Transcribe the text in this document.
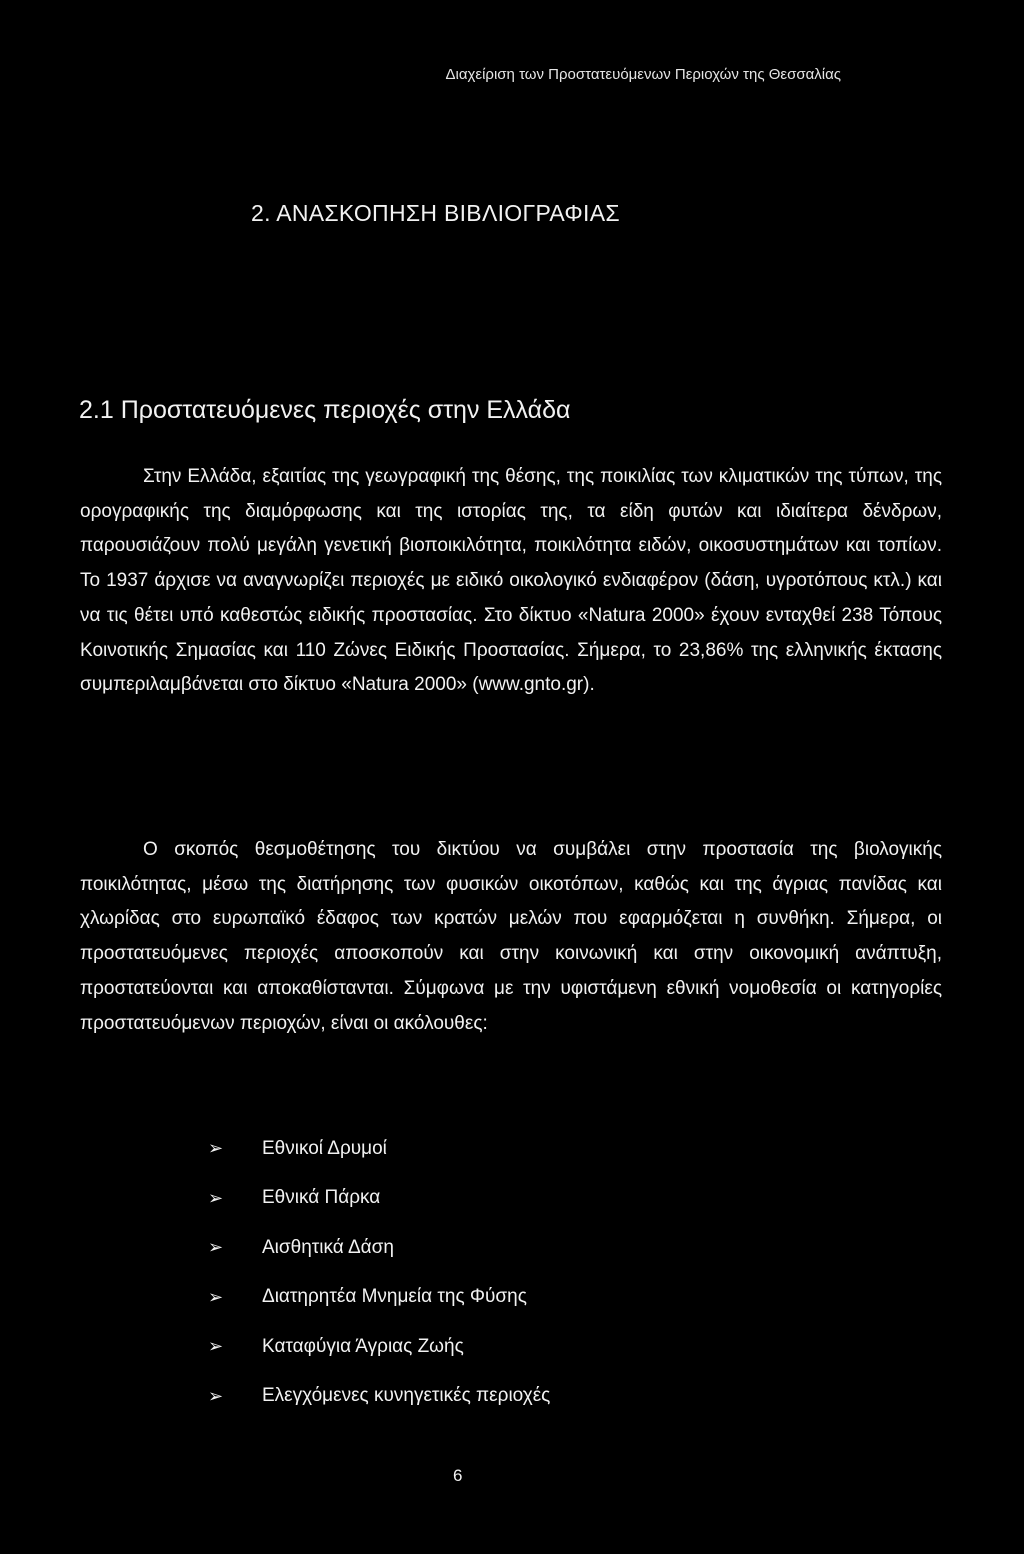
Διαχείριση των Προστατευόμενων Περιοχών της Θεσσαλίας
2. ΑΝΑΣΚΟΠΗΣΗ ΒΙΒΛΙΟΓΡΑΦΙΑΣ
2.1 Προστατευόμενες περιοχές στην Ελλάδα

Στην Ελλάδα, εξαιτίας της γεωγραφική της θέσης, της ποικιλίας των κλιματικών της τύπων, της ορογραφικής της διαμόρφωσης και της ιστορίας της, τα είδη φυτών και ιδιαίτερα δένδρων, παρουσιάζουν πολύ μεγάλη γενετική βιοποικιλότητα, ποικιλότητα ειδών, οικοσυστημάτων και τοπίων. Το 1937 άρχισε να αναγνωρίζει περιοχές με ειδικό οικολογικό ενδιαφέρον (δάση, υγροτόπους κτλ.) και να τις θέτει υπό καθεστώς ειδικής προστασίας. Στο δίκτυο «Natura 2000» έχουν ενταχθεί 238 Τόπους Κοινοτικής Σημασίας και 110 Ζώνες Ειδικής Προστασίας. Σήμερα, το 23,86% της ελληνικής έκτασης συμπεριλαμβάνεται στο δίκτυο «Natura 2000» (www.gnto.gr).

Ο σκοπός θεσμοθέτησης του δικτύου να συμβάλει στην προστασία της βιολογικής ποικιλότητας, μέσω της διατήρησης των φυσικών οικοτόπων, καθώς και της άγριας πανίδας και χλωρίδας στο ευρωπαϊκό έδαφος των κρατών μελών που εφαρμόζεται η συνθήκη. Σήμερα, οι προστατευόμενες περιοχές αποσκοπούν και στην κοινωνική και στην οικονομική ανάπτυξη, προστατεύονται και αποκαθίστανται. Σύμφωνα με την υφιστάμενη εθνική νομοθεσία οι κατηγορίες προστατευόμενων περιοχών, είναι οι ακόλουθες:

➢	Εθνικοί Δρυμοί
➢	Εθνικά Πάρκα
➢	Αισθητικά Δάση
➢	Διατηρητέα Μνημεία της Φύσης
➢	Καταφύγια Άγριας Ζωής
➢	Ελεγχόμενες κυνηγετικές περιοχές
6
